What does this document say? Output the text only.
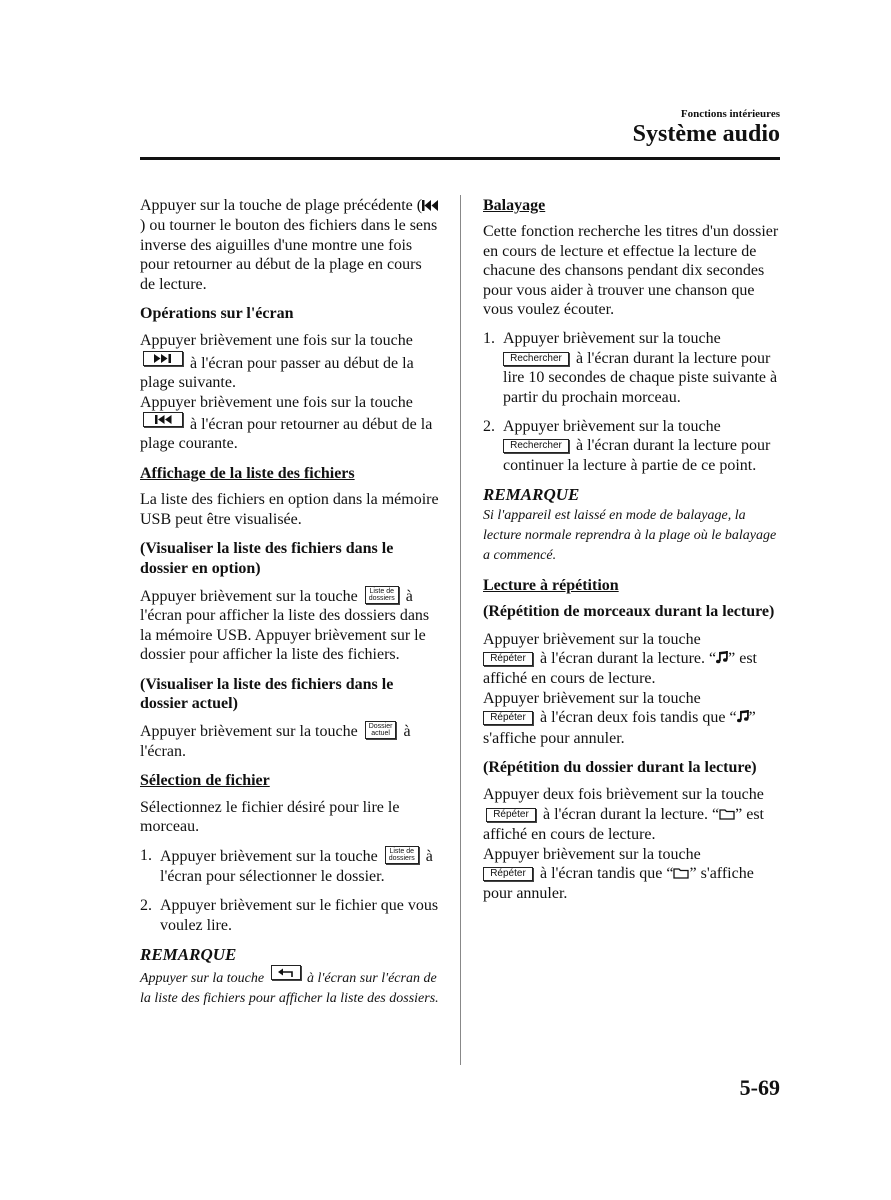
Fonctions intérieures
Système audio

Appuyer sur la touche de plage précédente () ou tourner le bouton des fichiers dans le sens inverse des aiguilles d'une montre une fois pour retourner au début de la plage en cours de lecture.

Opérations sur l'écran

Appuyer brièvement une fois sur la touche
à l'écran pour passer au début de la plage suivante.
Appuyer brièvement une fois sur la touche
à l'écran pour retourner au début de la plage courante.

Affichage de la liste des fichiers

La liste des fichiers en option dans la mémoire USB peut être visualisée.

(Visualiser la liste des fichiers dans le dossier en option)

Appuyer brièvement sur la touche Liste de
dossiers à l'écran pour afficher la liste des dossiers dans la mémoire USB. Appuyer brièvement sur le dossier pour afficher la liste des fichiers.

(Visualiser la liste des fichiers dans le dossier actuel)

Appuyer brièvement sur la touche Dossier
actuel à l'écran.

Sélection de fichier

Sélectionnez le fichier désiré pour lire le morceau.

1. Appuyer brièvement sur la touche Liste de
dossiers à l'écran pour sélectionner le dossier.
2. Appuyer brièvement sur le fichier que vous voulez lire.

REMARQUE

Appuyer sur la touche	à l'écran sur l'écran de la liste des fichiers pour afficher la liste des dossiers.

Balayage

Cette fonction recherche les titres d'un dossier en cours de lecture et effectue la lecture de chacune des chansons pendant dix secondes pour vous aider à trouver une chanson que vous voulez écouter.

1. Appuyer brièvement sur la touche
Rechercher à l'écran durant la lecture pour lire 10 secondes de chaque piste suivante à partir du prochain morceau.
2. Appuyer brièvement sur la touche
Rechercher à l'écran durant la lecture pour continuer la lecture à partie de ce point.

REMARQUE

Si l'appareil est laissé en mode de balayage, la lecture normale reprendra à la plage où le balayage a commencé.

Lecture à répétition

(Répétition de morceaux durant la lecture)

Appuyer brièvement sur la touche
Répéter à l'écran durant la lecture. “ ” est affiché en cours de lecture.
Appuyer brièvement sur la touche
Répéter à l'écran deux fois tandis que “ ” s'affiche pour annuler.

(Répétition du dossier durant la lecture)

Appuyer deux fois brièvement sur la touche Répéter à l'écran durant la lecture. “ ” est affiché en cours de lecture.
Appuyer brièvement sur la touche
Répéter à l'écran tandis que “ ” s'affiche pour annuler.

5-69
